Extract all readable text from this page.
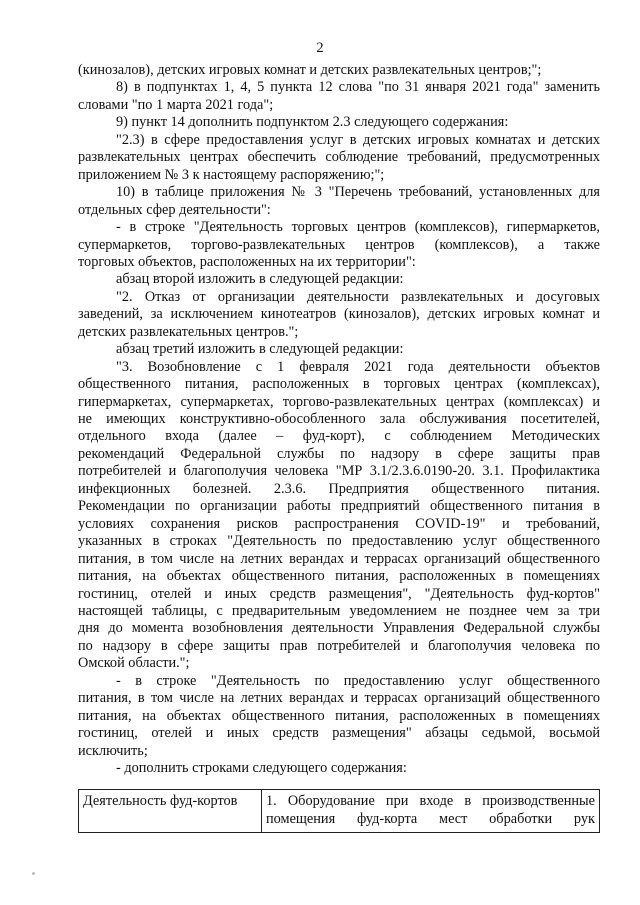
2
(кинозалов), детских игровых комнат и детских развлекательных центров;";
8) в подпунктах 1, 4, 5 пункта 12 слова "по 31 января 2021 года" заменить
словами "по 1 марта 2021 года";
9) пункт 14 дополнить подпунктом 2.3 следующего содержания:
"2.3) в сфере предоставления услуг в детских игровых комнатах и детских
развлекательных центрах обеспечить соблюдение требований, предусмотренных
приложением № 3 к настоящему распоряжению;";
10) в таблице приложения № 3 "Перечень требований, установленных для
отдельных сфер деятельности":
- в строке "Деятельность торговых центров (комплексов), гипермаркетов,
супермаркетов, торгово-развлекательных центров (комплексов), а также
торговых объектов, расположенных на их территории":
абзац второй изложить в следующей редакции:
"2. Отказ от организации деятельности развлекательных и досуговых
заведений, за исключением кинотеатров (кинозалов), детских игровых комнат и
детских развлекательных центров.";
абзац третий изложить в следующей редакции:
"3. Возобновление с 1 февраля 2021 года деятельности объектов
общественного питания, расположенных в торговых центрах (комплексах),
гипермаркетах, супермаркетах, торгово-развлекательных центрах (комплексах) и
не имеющих конструктивно-обособленного зала обслуживания посетителей,
отдельного входа (далее – фуд-корт), с соблюдением Методических
рекомендаций Федеральной службы по надзору в сфере защиты прав
потребителей и благополучия человека "МР 3.1/2.3.6.0190-20. 3.1. Профилактика
инфекционных болезней. 2.3.6. Предприятия общественного питания.
Рекомендации по организации работы предприятий общественного питания в
условиях сохранения рисков распространения COVID-19" и требований,
указанных в строках "Деятельность по предоставлению услуг общественного
питания, в том числе на летних верандах и террасах организаций общественного
питания, на объектах общественного питания, расположенных в помещениях
гостиниц, отелей и иных средств размещения", "Деятельность фуд-кортов"
настоящей таблицы, с предварительным уведомлением не позднее чем за три
дня до момента возобновления деятельности Управления Федеральной службы
по надзору в сфере защиты прав потребителей и благополучия человека по
Омской области.";
- в строке "Деятельность по предоставлению услуг общественного
питания, в том числе на летних верандах и террасах организаций общественного
питания, на объектах общественного питания, расположенных в помещениях
Деятельность фуд-кортов	1. Оборудование при входе в производственные
помещения фуд-корта мест обработки рук
гостиниц, отелей и иных средств размещения" абзацы седьмой, восьмой
исключить;
- дополнить строками следующего содержания:
